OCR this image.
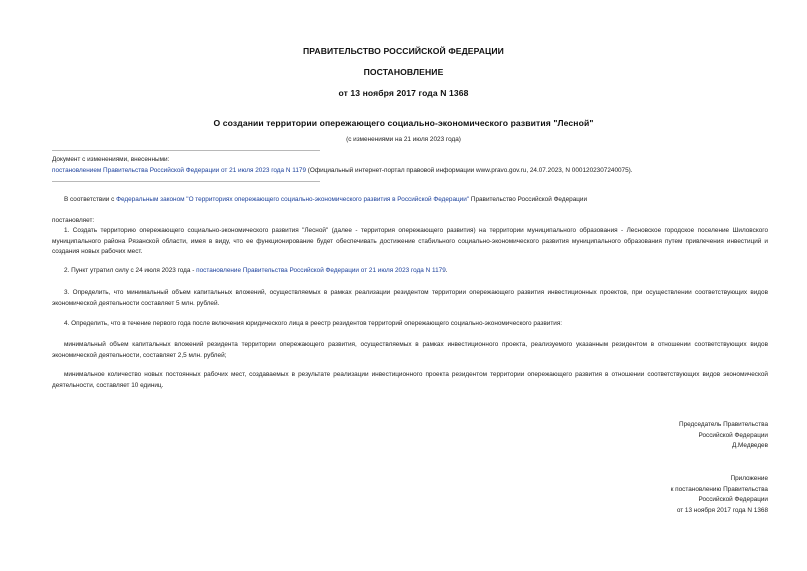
ПРАВИТЕЛЬСТВО РОССИЙСКОЙ ФЕДЕРАЦИИ
ПОСТАНОВЛЕНИЕ
от 13 ноября 2017 года N 1368
О создании территории опережающего социально-экономического развития "Лесной"
(с изменениями на 21 июля 2023 года)
Документ с изменениями, внесенными:
постановлением Правительства Российской Федерации от 21 июля 2023 года N 1179 (Официальный интернет-портал правовой информации www.pravo.gov.ru, 24.07.2023, N 0001202307240075).
В соответствии с Федеральным законом "О территориях опережающего социально-экономического развития в Российской Федерации" Правительство Российской Федерации
постановляет:
1. Создать территорию опережающего социально-экономического развития "Лесной" (далее - территория опережающего развития) на территории муниципального образования - Лесновское городское поселение Шиловского муниципального района Рязанской области, имея в виду, что ее функционирование будет обеспечивать достижение стабильного социально-экономического развития муниципального образования путем привлечения инвестиций и создания новых рабочих мест.
2. Пункт утратил силу с 24 июля 2023 года - постановление Правительства Российской Федерации от 21 июля 2023 года N 1179.
3. Определить, что минимальный объем капитальных вложений, осуществляемых в рамках реализации резидентом территории опережающего развития инвестиционных проектов, при осуществлении соответствующих видов экономической деятельности составляет 5 млн. рублей.
4. Определить, что в течение первого года после включения юридического лица в реестр резидентов территорий опережающего социально-экономического развития:
минимальный объем капитальных вложений резидента территории опережающего развития, осуществляемых в рамках инвестиционного проекта, реализуемого указанным резидентом в отношении соответствующих видов экономической деятельности, составляет 2,5 млн. рублей;
минимальное количество новых постоянных рабочих мест, создаваемых в результате реализации инвестиционного проекта резидентом территории опережающего развития в отношении соответствующих видов экономической деятельности, составляет 10 единиц.
Председатель Правительства
Российской Федерации
Д.Медведев
Приложение
к постановлению Правительства
Российской Федерации
от 13 ноября 2017 года N 1368
